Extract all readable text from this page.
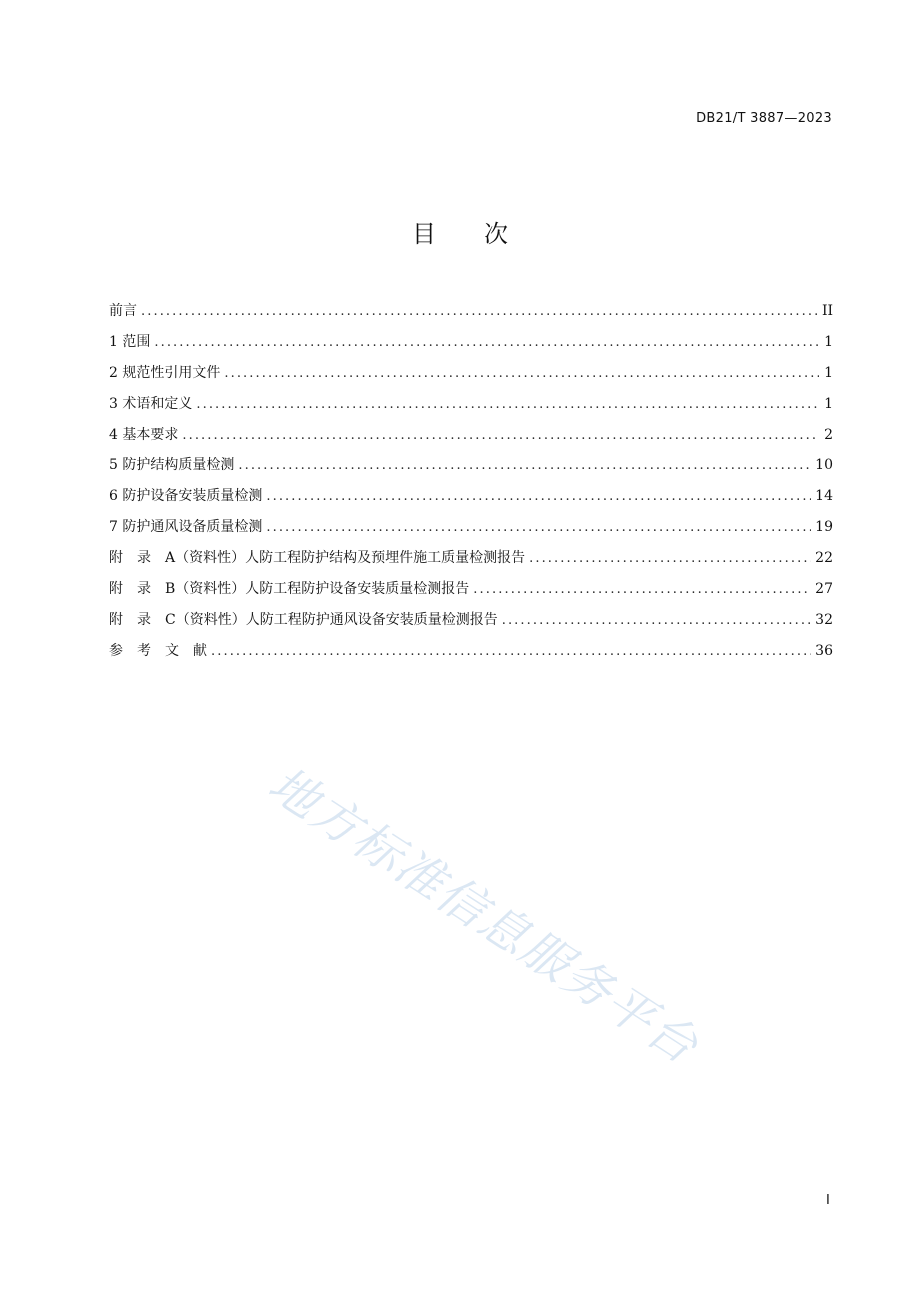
DB21/T 3887—2023
目　　次
前言 .....	II
1 范围 .....	1
2 规范性引用文件 .....	1
3 术语和定义 .....	1
4 基本要求 .....	2
5 防护结构质量检测 .....	10
6 防护设备安装质量检测 .....	14
7 防护通风设备质量检测 .....	19
附　录　A（资料性）人防工程防护结构及预埋件施工质量检测报告 .....	22
附　录　B（资料性）人防工程防护设备安装质量检测报告 .....	27
附　录　C（资料性）人防工程防护通风设备安装质量检测报告 .....	32
参　考　文　献 .....	36
地方标准信息服务平台
I
